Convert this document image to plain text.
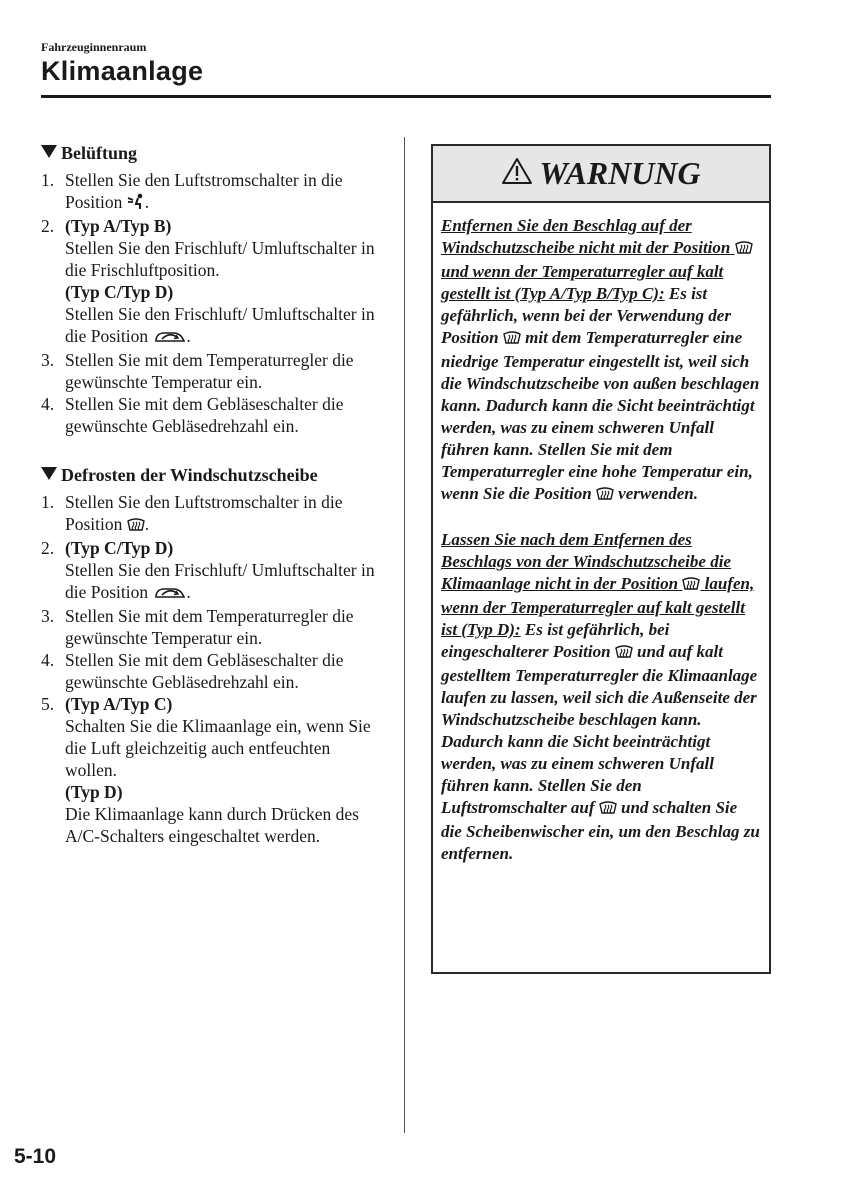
Fahrzeuginnenraum
Klimaanlage
Belüftung
1. Stellen Sie den Luftstromschalter in die Position .
2. (Typ A/Typ B)
Stellen Sie den Frischluft/ Umluftschalter in die Frischluftposition.
(Typ C/Typ D)
Stellen Sie den Frischluft/ Umluftschalter in die Position .
3. Stellen Sie mit dem Temperaturregler die gewünschte Temperatur ein.
4. Stellen Sie mit dem Gebläseschalter die gewünschte Gebläsedrehzahl ein.
Defrosten der Windschutzscheibe
1. Stellen Sie den Luftstromschalter in die Position .
2. (Typ C/Typ D)
Stellen Sie den Frischluft/ Umluftschalter in die Position .
3. Stellen Sie mit dem Temperaturregler die gewünschte Temperatur ein.
4. Stellen Sie mit dem Gebläseschalter die gewünschte Gebläsedrehzahl ein.
5. (Typ A/Typ C)
Schalten Sie die Klimaanlage ein, wenn Sie die Luft gleichzeitig auch entfeuchten wollen.
(Typ D)
Die Klimaanlage kann durch Drücken des A/C-Schalters eingeschaltet werden.
WARNUNG

Entfernen Sie den Beschlag auf der Windschutzscheibe nicht mit der Position  und wenn der Temperaturregler auf kalt gestellt ist (Typ A/Typ B/Typ C): Es ist gefährlich, wenn bei der Verwendung der Position  mit dem Temperaturregler eine niedrige Temperatur eingestellt ist, weil sich die Windschutzscheibe von außen beschlagen kann. Dadurch kann die Sicht beeinträchtigt werden, was zu einem schweren Unfall führen kann. Stellen Sie mit dem Temperaturregler eine hohe Temperatur ein, wenn Sie die Position  verwenden.

Lassen Sie nach dem Entfernen des Beschlags von der Windschutzscheibe die Klimaanlage nicht in der Position  laufen, wenn der Temperaturregler auf kalt gestellt ist (Typ D): Es ist gefährlich, bei eingeschalterer Position  und auf kalt gestelltem Temperaturregler die Klimaanlage laufen zu lassen, weil sich die Außenseite der Windschutzscheibe beschlagen kann. Dadurch kann die Sicht beeinträchtigt werden, was zu einem schweren Unfall führen kann. Stellen Sie den Luftstromschalter auf  und schalten Sie die Scheibenwischer ein, um den Beschlag zu entfernen.

5-10
